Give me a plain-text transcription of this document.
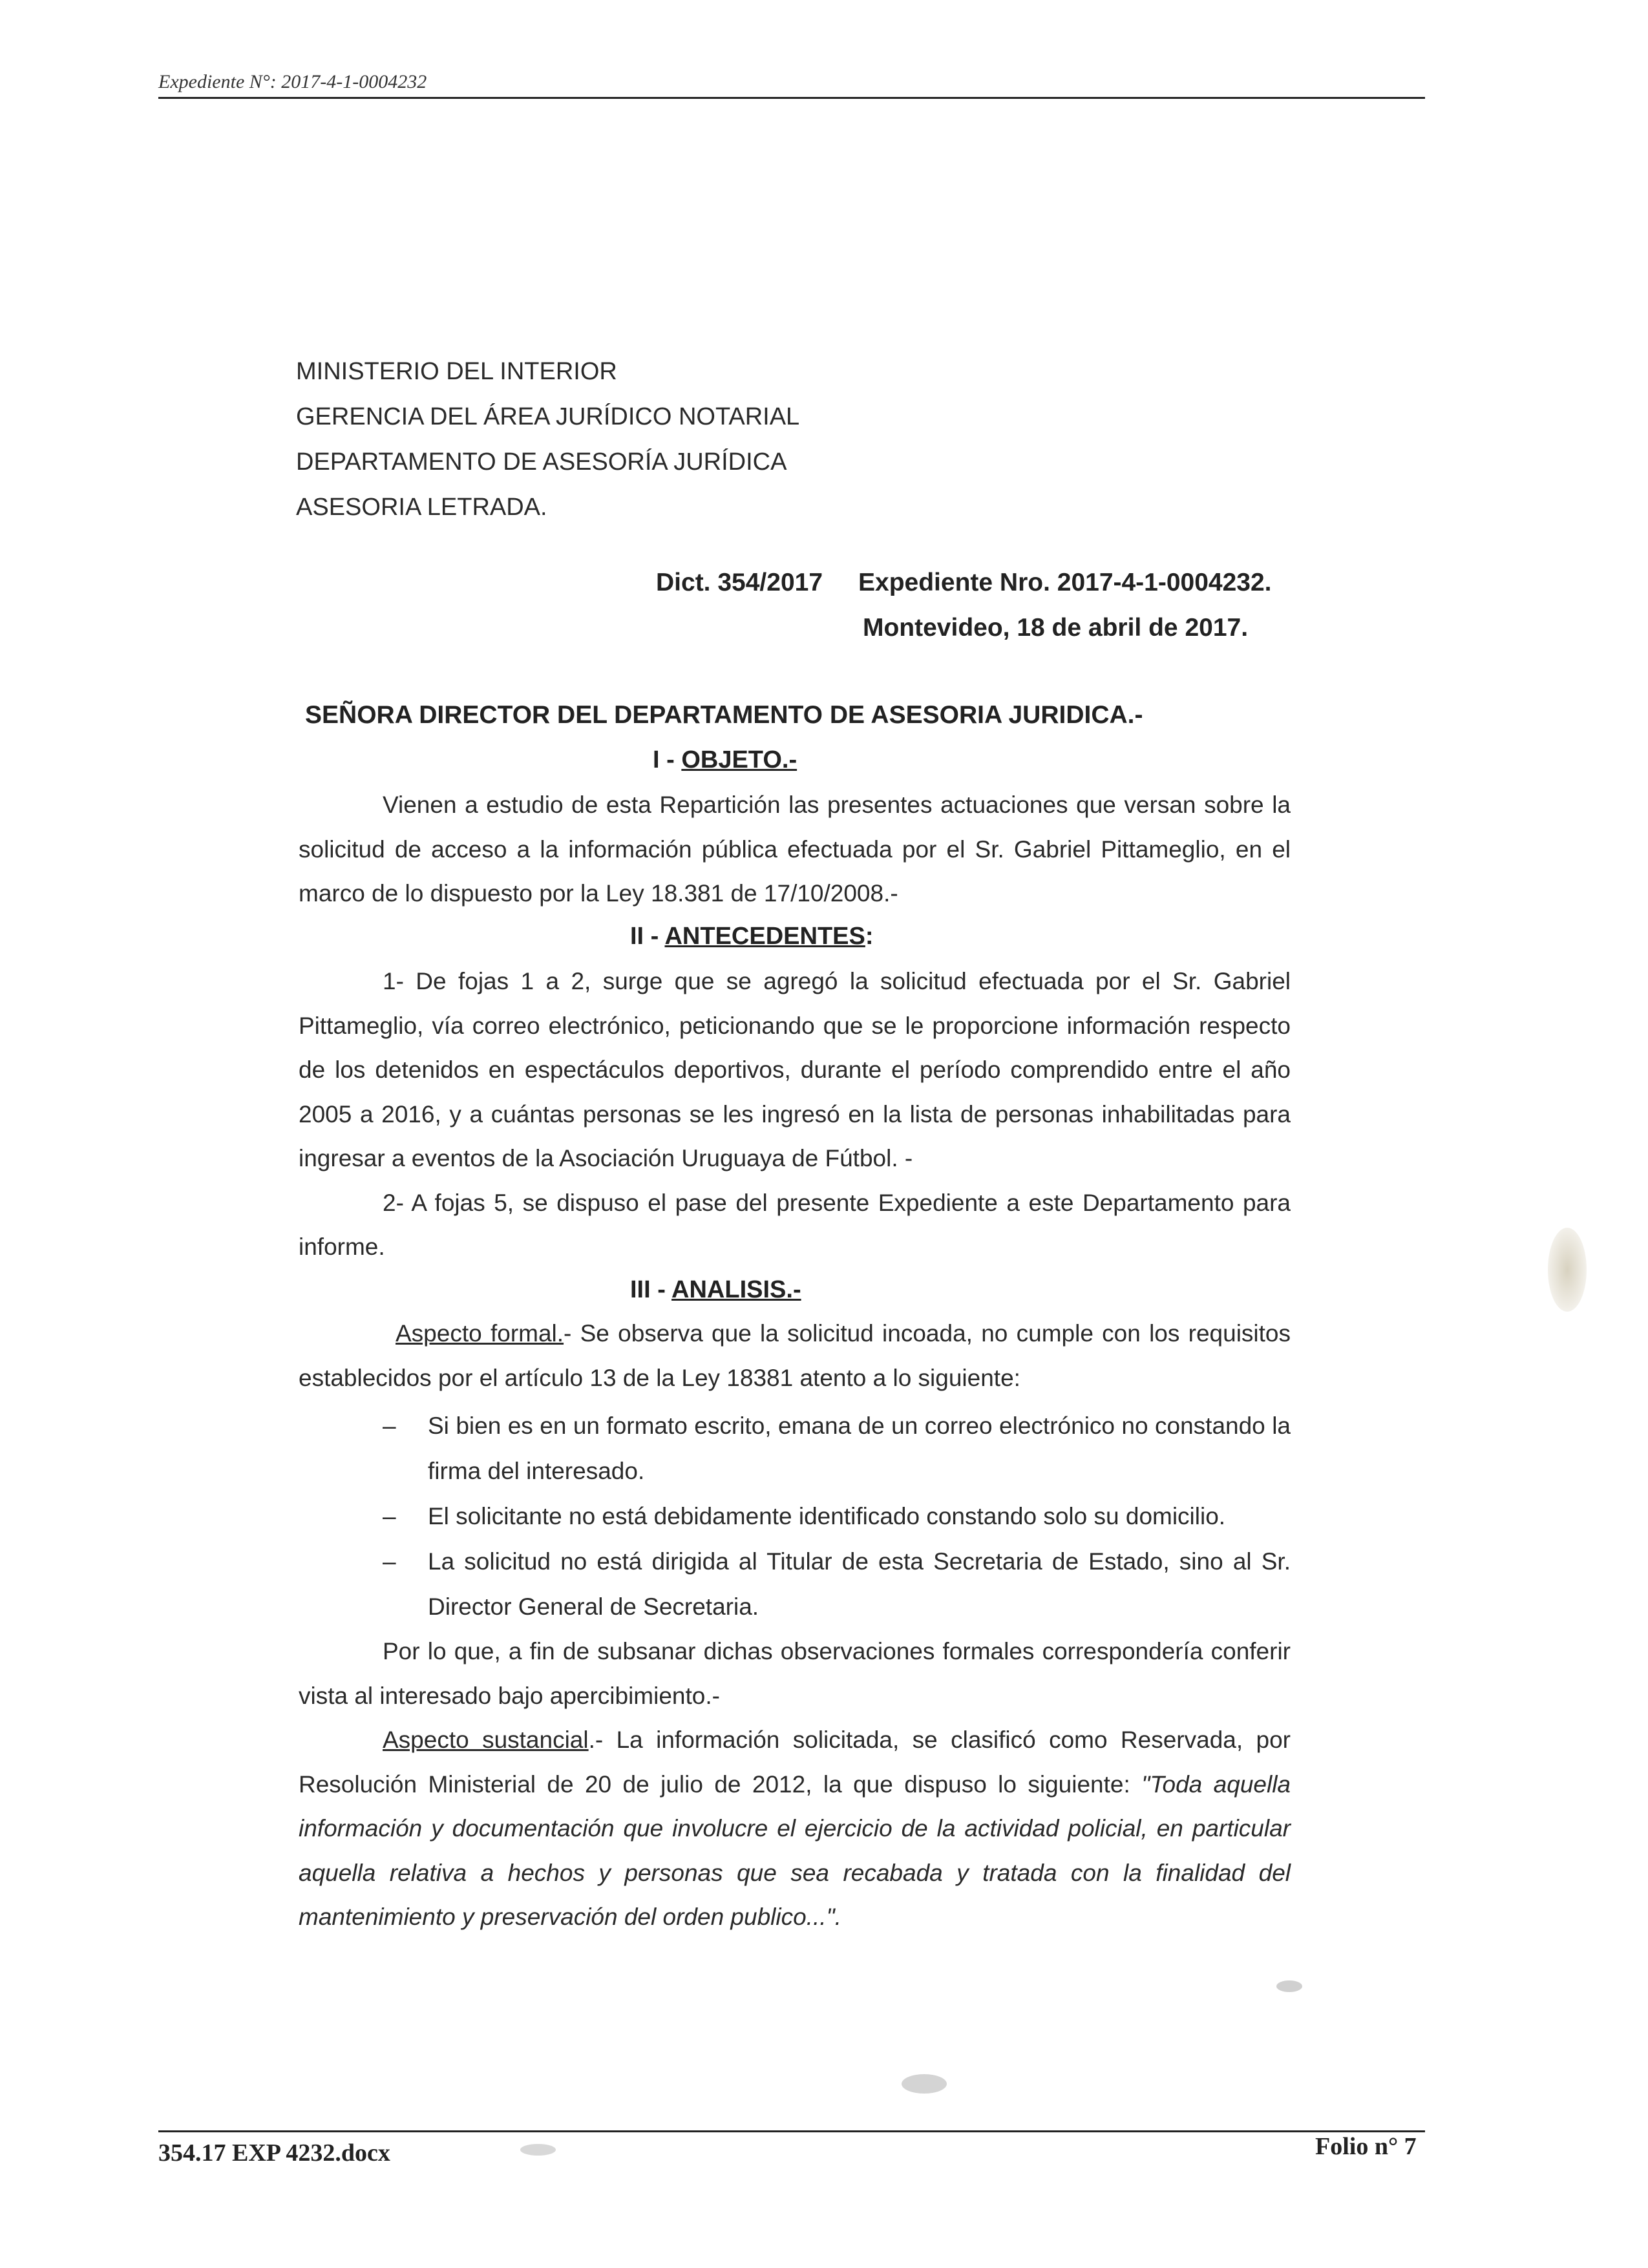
Expediente N°: 2017-4-1-0004232
MINISTERIO DEL INTERIOR
GERENCIA DEL ÁREA JURÍDICO NOTARIAL
DEPARTAMENTO DE ASESORÍA JURÍDICA
ASESORIA LETRADA.
Dict. 354/2017 Expediente Nro. 2017-4-1-0004232.
Montevideo, 18 de abril de 2017.
SEÑORA DIRECTOR DEL DEPARTAMENTO DE ASESORIA JURIDICA.-
I - OBJETO.-

Vienen a estudio de esta Repartición las presentes actuaciones que versan sobre la solicitud de acceso a la información pública efectuada por el Sr. Gabriel Pittameglio, en el marco de lo dispuesto por la Ley 18.381 de 17/10/2008.-

II - ANTECEDENTES:

1- De fojas 1 a 2, surge que se agregó la solicitud efectuada por el Sr. Gabriel Pittameglio, vía correo electrónico, peticionando que se le proporcione información respecto de los detenidos en espectáculos deportivos, durante el período comprendido entre el año 2005 a 2016, y a cuántas personas se les ingresó en la lista de personas inhabilitadas para ingresar a eventos de la Asociación Uruguaya de Fútbol. -

2- A fojas 5, se dispuso el pase del presente Expediente a este Departamento para informe.

III - ANALISIS.-

Aspecto formal.- Se observa que la solicitud incoada, no cumple con los requisitos establecidos por el artículo 13 de la Ley 18381 atento a lo siguiente:

– Si bien es en un formato escrito, emana de un correo electrónico no constando la firma del interesado.
– El solicitante no está debidamente identificado constando solo su domicilio.
– La solicitud no está dirigida al Titular de esta Secretaria de Estado, sino al Sr. Director General de Secretaria.

Por lo que, a fin de subsanar dichas observaciones formales correspondería conferir vista al interesado bajo apercibimiento.-

Aspecto sustancial.- La información solicitada, se clasificó como Reservada, por Resolución Ministerial de 20 de julio de 2012, la que dispuso lo siguiente: "Toda aquella información y documentación que involucre el ejercicio de la actividad policial, en particular aquella relativa a hechos y personas que sea recabada y tratada con la finalidad del mantenimiento y preservación del orden publico...".

354.17 EXP 4232.docx	Folio n° 7
